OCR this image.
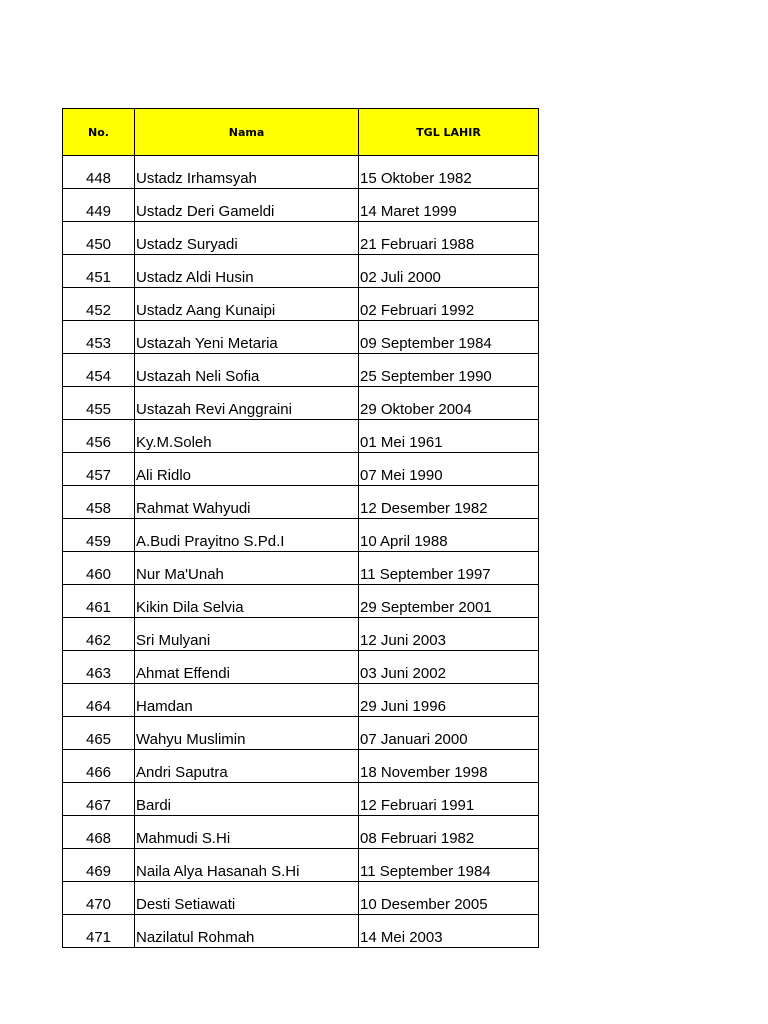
No.	Nama	TGL LAHIR
448	Ustadz Irhamsyah	15 Oktober 1982
449	Ustadz Deri Gameldi	14 Maret 1999
450	Ustadz Suryadi	21 Februari 1988
451	Ustadz Aldi Husin	02 Juli 2000
452	Ustadz Aang Kunaipi	02 Februari 1992
453	Ustazah Yeni Metaria	09 September 1984
454	Ustazah Neli Sofia	25 September 1990
455	Ustazah Revi Anggraini	29 Oktober 2004
456	Ky.M.Soleh	01 Mei 1961
457	Ali Ridlo	07 Mei 1990
458	Rahmat Wahyudi	12 Desember 1982
459	A.Budi Prayitno S.Pd.I	10 April 1988
460	Nur Ma'Unah	11 September 1997
461	Kikin Dila Selvia	29 September 2001
462	Sri Mulyani	12 Juni 2003
463	Ahmat Effendi	03 Juni 2002
464	Hamdan	29 Juni 1996
465	Wahyu Muslimin	07 Januari 2000
466	Andri Saputra	18 November 1998
467	Bardi	12 Februari 1991
468	Mahmudi S.Hi	08 Februari 1982
469	Naila Alya Hasanah S.Hi	11 September 1984
470	Desti Setiawati	10 Desember 2005
471	Nazilatul Rohmah	14 Mei 2003
